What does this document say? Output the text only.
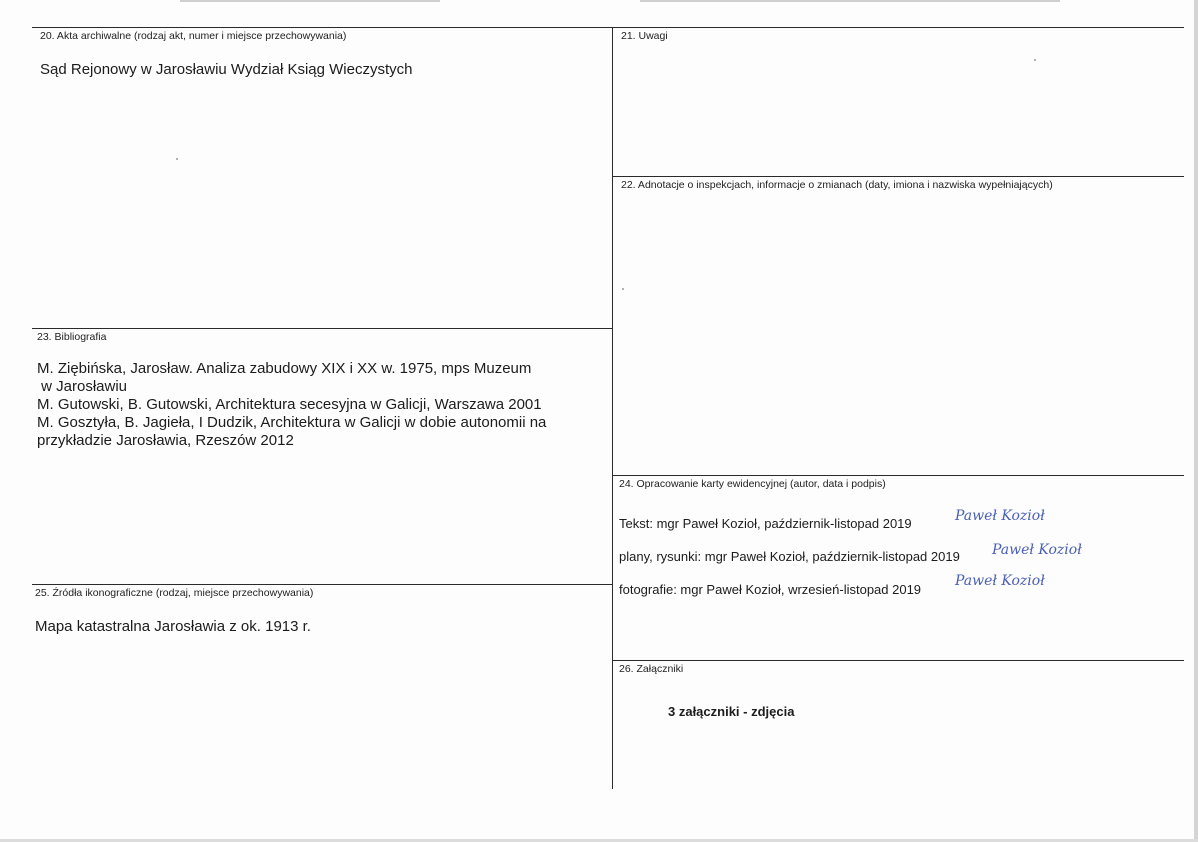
20. Akta archiwalne (rodzaj akt, numer i miejsce przechowywania)
Sąd Rejonowy w Jarosławiu Wydział Ksiąg Wieczystych
21. Uwagi
22. Adnotacje o inspekcjach, informacje o zmianach (daty, imiona i nazwiska wypełniających)
23. Bibliografia
M. Ziębińska, Jarosław. Analiza zabudowy XIX i XX w. 1975, mps Muzeum
w Jarosławiu
M. Gutowski, B. Gutowski, Architektura secesyjna w Galicji, Warszawa 2001
M. Gosztyła, B. Jagieła, I Dudzik, Architektura w Galicji w dobie autonomii na
przykładzie Jarosławia, Rzeszów 2012
24. Opracowanie karty ewidencyjnej (autor, data i podpis)
Tekst: mgr Paweł Kozioł, październik-listopad 2019	Paweł Kozioł
plany, rysunki: mgr Paweł Kozioł, październik-listopad 2019 Paweł Kozioł
fotografie: mgr Paweł Kozioł, wrzesień-listopad 2019
Paweł Kozioł
25. Źródła ikonograficzne (rodzaj, miejsce przechowywania)
Mapa katastralna Jarosławia z ok. 1913 r.
26. Załączniki
3 załączniki - zdjęcia
